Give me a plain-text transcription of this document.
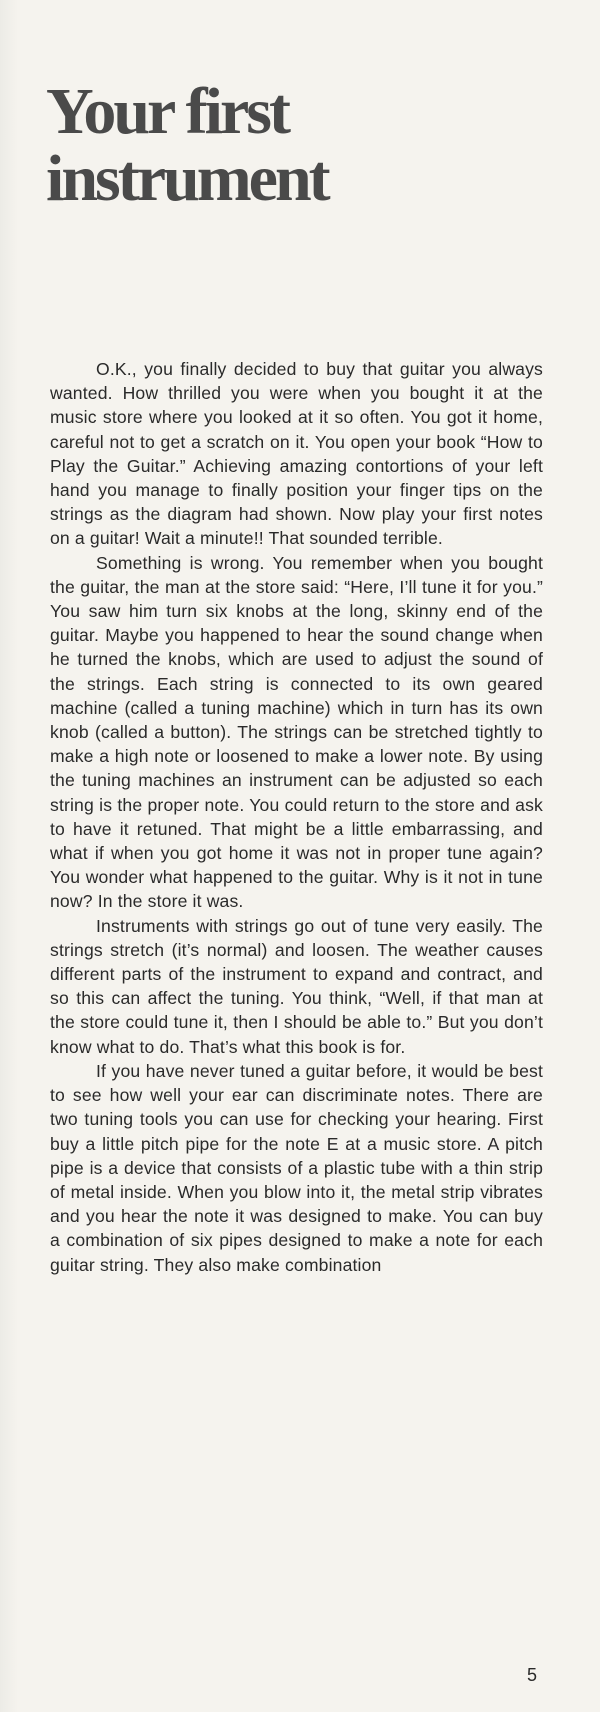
Your first
instrument

O.K., you finally decided to buy that guitar you always wanted. How thrilled you were when you bought it at the music store where you looked at it so often. You got it home, careful not to get a scratch on it. You open your book “How to Play the Guitar.” Achieving amazing contortions of your left hand you manage to finally position your finger tips on the strings as the diagram had shown. Now play your first notes on a guitar! Wait a minute!! That sounded terrible.

Something is wrong. You remember when you bought the guitar, the man at the store said: “Here, I’ll tune it for you.” You saw him turn six knobs at the long, skinny end of the guitar. Maybe you happened to hear the sound change when he turned the knobs, which are used to adjust the sound of the strings. Each string is connected to its own geared machine (called a tuning machine) which in turn has its own knob (called a button). The strings can be stretched tightly to make a high note or loosened to make a lower note. By using the tuning machines an instrument can be adjusted so each string is the proper note. You could return to the store and ask to have it retuned. That might be a little embarrassing, and what if when you got home it was not in proper tune again? You wonder what happened to the guitar. Why is it not in tune now? In the store it was.

Instruments with strings go out of tune very easily. The strings stretch (it’s normal) and loosen. The weather causes different parts of the instrument to expand and contract, and so this can affect the tuning. You think, “Well, if that man at the store could tune it, then I should be able to.” But you don’t know what to do. That’s what this book is for.

If you have never tuned a guitar before, it would be best to see how well your ear can discriminate notes. There are two tuning tools you can use for checking your hearing. First buy a little pitch pipe for the note E at a music store. A pitch pipe is a device that consists of a plastic tube with a thin strip of metal inside. When you blow into it, the metal strip vibrates and you hear the note it was designed to make. You can buy a combination of six pipes designed to make a note for each guitar string. They also make combination

5
